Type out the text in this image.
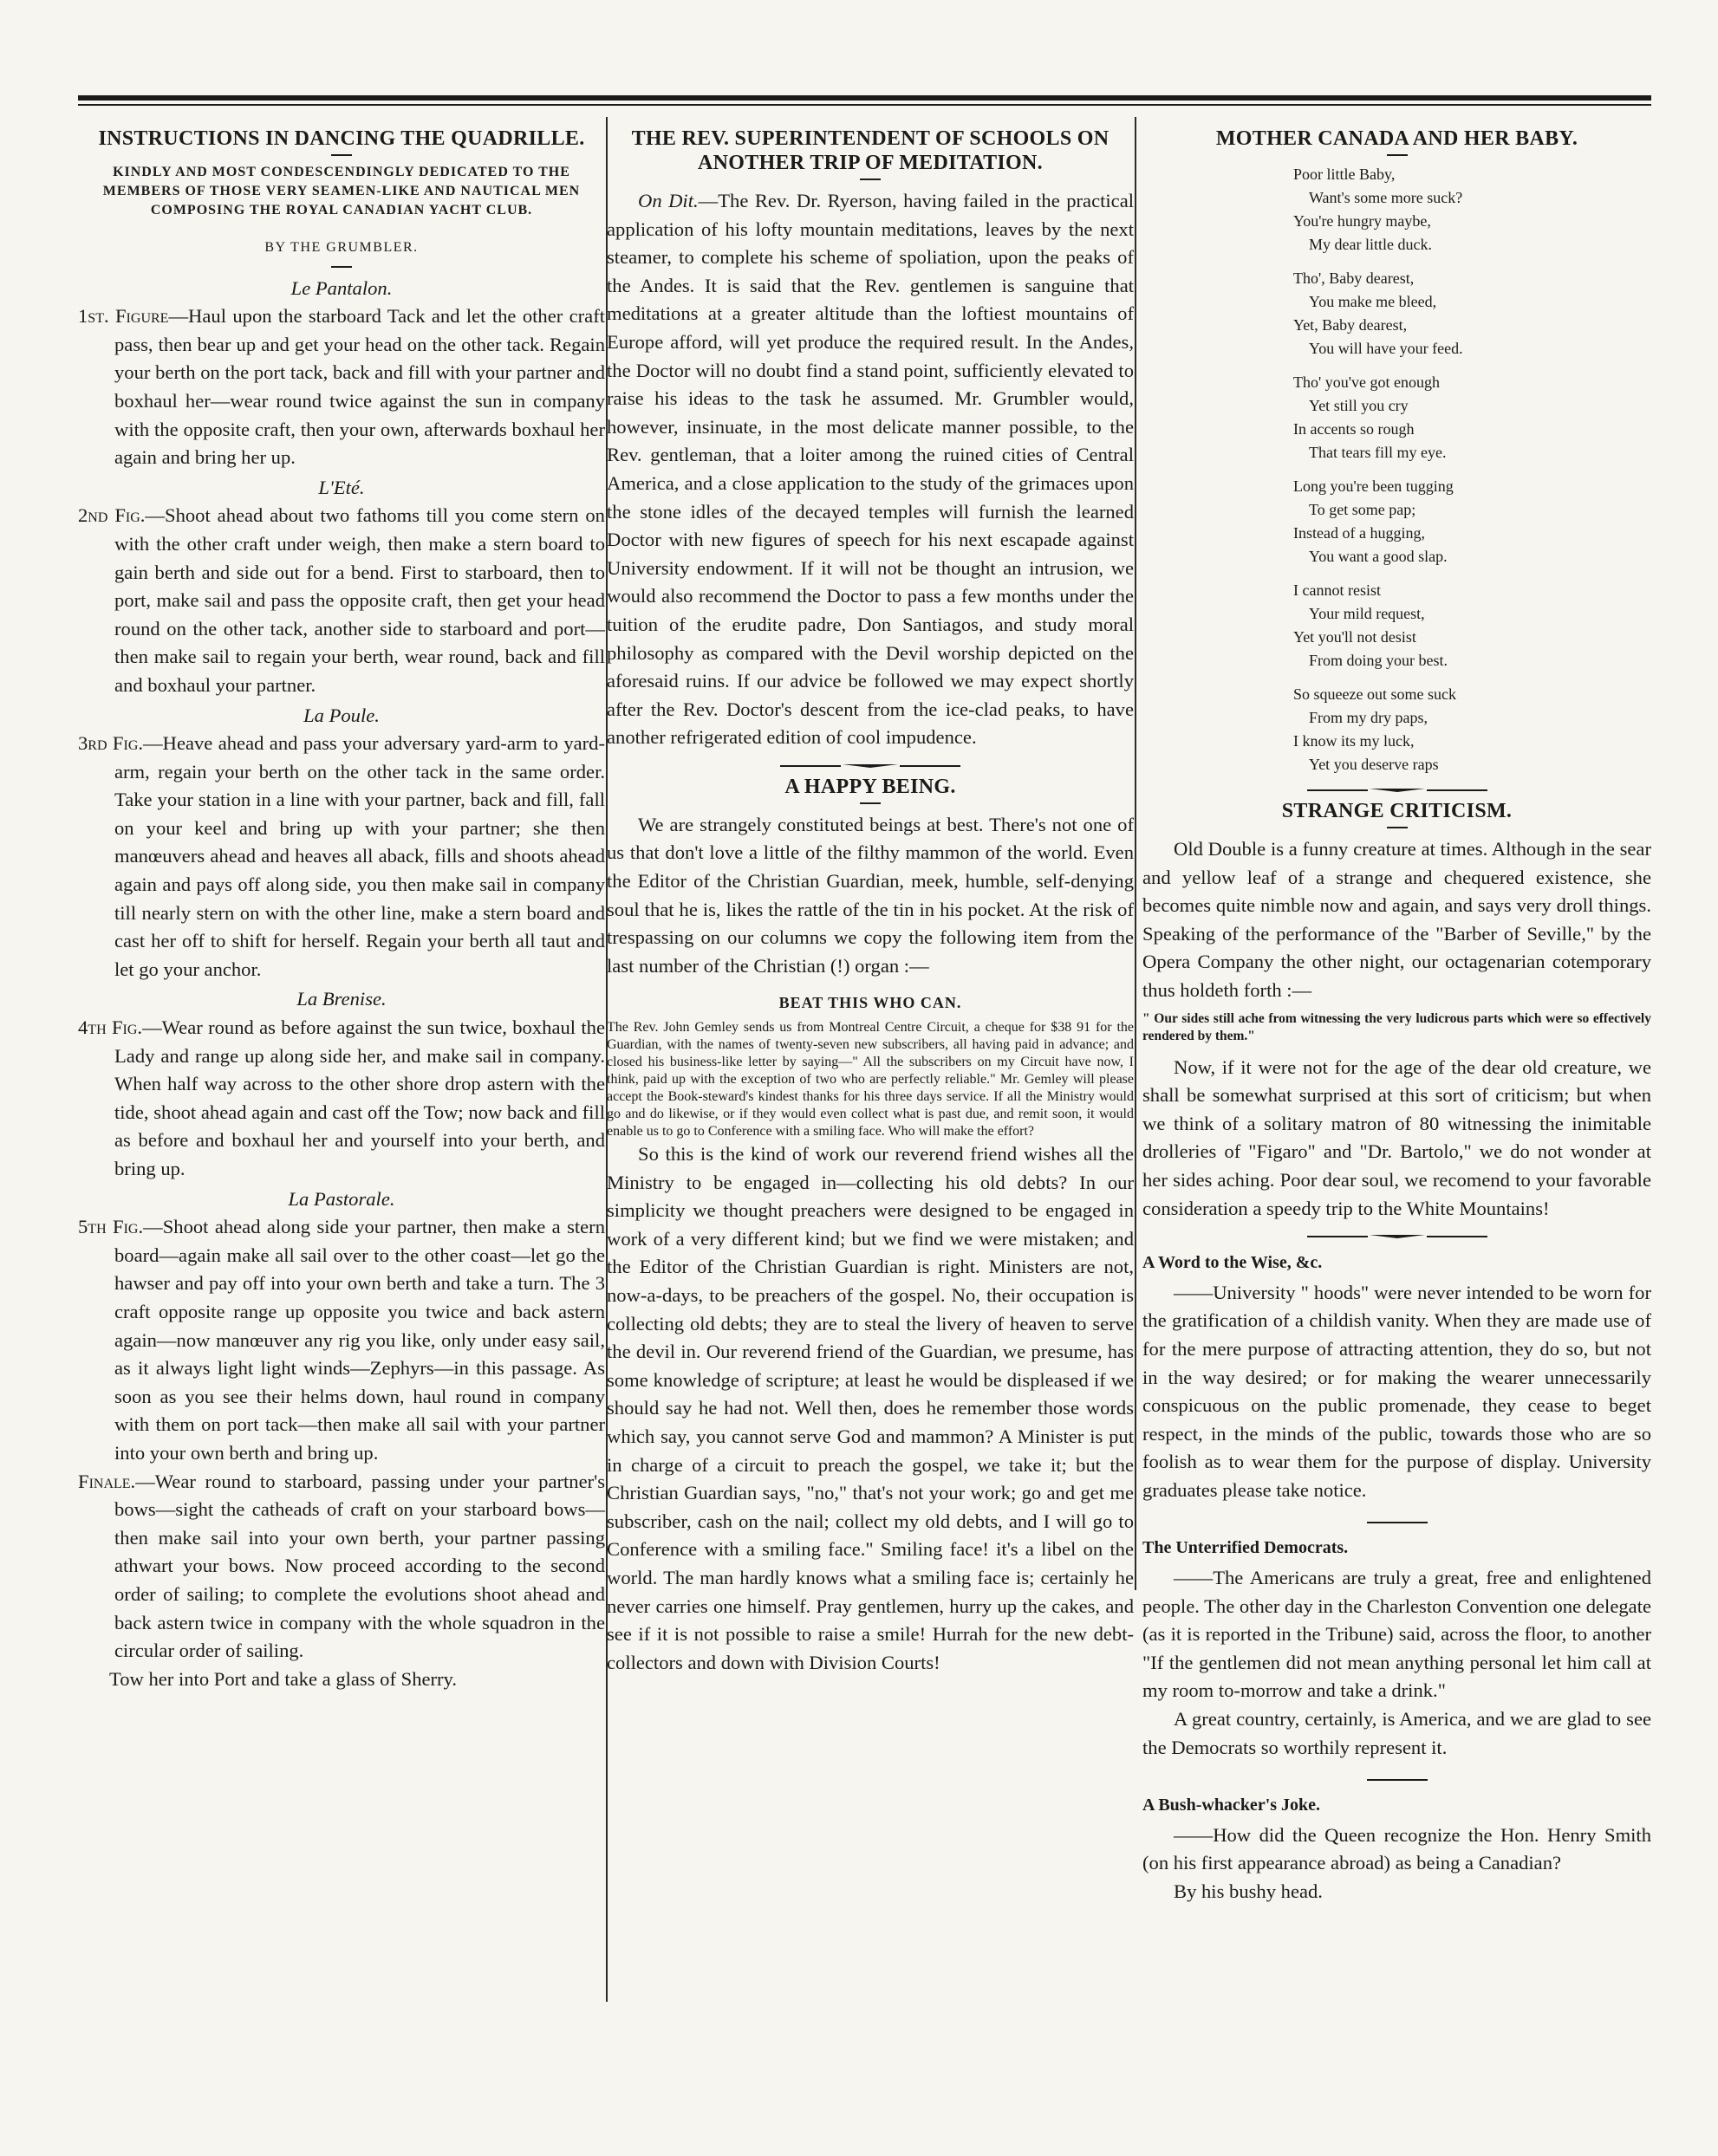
INSTRUCTIONS IN DANCING THE QUADRILLE.
KINDLY AND MOST CONDESCENDINGLY DEDICATED TO THE MEMBERS OF THOSE VERY SEAMEN-LIKE AND NAUTICAL MEN COMPOSING THE ROYAL CANADIAN YACHT CLUB.
BY THE GRUMBLER.
Le Pantalon.

1st. Figure—Haul upon the starboard Tack and let the other craft pass, then bear up and get your head on the other tack. Regain your berth on the port tack, back and fill with your partner and boxhaul her—wear round twice against the sun in company with the opposite craft, then your own, afterwards boxhaul her again and bring her up.

L'Eté.

2nd Fig.—Shoot ahead about two fathoms till you come stern on with the other craft under weigh, then make a stern board to gain berth and side out for a bend. First to starboard, then to port, make sail and pass the opposite craft, then get your head round on the other tack, another side to starboard and port—then make sail to regain your berth, wear round, back and fill and boxhaul your partner.

La Poule.

3rd Fig.—Heave ahead and pass your adversary yard-arm to yard-arm, regain your berth on the other tack in the same order. Take your station in a line with your partner, back and fill, fall on your keel and bring up with your partner; she then manœuvers ahead and heaves all aback, fills and shoots ahead again and pays off along side, you then make sail in company till nearly stern on with the other line, make a stern board and cast her off to shift for herself. Regain your berth all taut and let go your anchor.

La Brenise.

4th Fig.—Wear round as before against the sun twice, boxhaul the Lady and range up along side her, and make sail in company. When half way across to the other shore drop astern with the tide, shoot ahead again and cast off the Tow; now back and fill as before and boxhaul her and yourself into your berth, and bring up.

La Pastorale.

5th Fig.—Shoot ahead along side your partner, then make a stern board—again make all sail over to the other coast—let go the hawser and pay off into your own berth and take a turn. The 3 craft opposite range up opposite you twice and back astern again—now manœuver any rig you like, only under easy sail, as it always light light winds—Zephyrs—in this passage. As soon as you see their helms down, haul round in company with them on port tack—then make all sail with your partner into your own berth and bring up.

Finale.—Wear round to starboard, passing under your partner's bows—sight the catheads of craft on your starboard bows—then make sail into your own berth, your partner passing athwart your bows. Now proceed according to the second order of sailing; to complete the evolutions shoot ahead and back astern twice in company with the whole squadron in the circular order of sailing.

Tow her into Port and take a glass of Sherry.

THE REV. SUPERINTENDENT OF SCHOOLS ON ANOTHER TRIP OF MEDITATION.

On Dit.—The Rev. Dr. Ryerson, having failed in the practical application of his lofty mountain meditations, leaves by the next steamer, to complete his scheme of spoliation, upon the peaks of the Andes. It is said that the Rev. gentlemen is sanguine that meditations at a greater altitude than the loftiest mountains of Europe afford, will yet produce the required result. In the Andes, the Doctor will no doubt find a stand point, sufficiently elevated to raise his ideas to the task he assumed. Mr. Grumbler would, however, insinuate, in the most delicate manner possible, to the Rev. gentleman, that a loiter among the ruined cities of Central America, and a close application to the study of the grimaces upon the stone idles of the decayed temples will furnish the learned Doctor with new figures of speech for his next escapade against University endowment. If it will not be thought an intrusion, we would also recommend the Doctor to pass a few months under the tuition of the erudite padre, Don Santiagos, and study moral philosophy as compared with the Devil worship depicted on the aforesaid ruins. If our advice be followed we may expect shortly after the Rev. Doctor's descent from the ice-clad peaks, to have another refrigerated edition of cool impudence.

A HAPPY BEING.

We are strangely constituted beings at best. There's not one of us that don't love a little of the filthy mammon of the world. Even the Editor of the Christian Guardian, meek, humble, self-denying soul that he is, likes the rattle of the tin in his pocket. At the risk of trespassing on our columns we copy the following item from the last number of the Christian (!) organ :—

BEAT THIS WHO CAN.

The Rev. John Gemley sends us from Montreal Centre Circuit, a cheque for $38 91 for the Guardian, with the names of twenty-seven new subscribers, all having paid in advance; and closed his business-like letter by saying—" All the subscribers on my Circuit have now, I think, paid up with the exception of two who are perfectly reliable." Mr. Gemley will please accept the Book-steward's kindest thanks for his three days service. If all the Ministry would go and do likewise, or if they would even collect what is past due, and remit soon, it would enable us to go to Conference with a smiling face. Who will make the effort?

So this is the kind of work our reverend friend wishes all the Ministry to be engaged in—collecting his old debts? In our simplicity we thought preachers were designed to be engaged in work of a very different kind; but we find we were mistaken; and the Editor of the Christian Guardian is right. Ministers are not, now-a-days, to be preachers of the gospel. No, their occupation is collecting old debts; they are to steal the livery of heaven to serve the devil in. Our reverend friend of the Guardian, we presume, has some knowledge of scripture; at least he would be displeased if we should say he had not. Well then, does he remember those words which say, you cannot serve God and mammon? A Minister is put in charge of a circuit to preach the gospel, we take it; but the Christian Guardian says, "no," that's not your work; go and get me subscriber, cash on the nail; collect my old debts, and I will go to Conference with a smiling face." Smiling face! it's a libel on the world. The man hardly knows what a smiling face is; certainly he never carries one himself. Pray gentlemen, hurry up the cakes, and see if it is not possible to raise a smile! Hurrah for the new debt-collectors and down with Division Courts!

MOTHER CANADA AND HER BABY.
Poor little Baby,
Want's some more suck?
You're hungry maybe,
My dear little duck.
Tho', Baby dearest,
You make me bleed,
Yet, Baby dearest,
You will have your feed.
Tho' you've got enough
Yet still you cry
In accents so rough
That tears fill my eye.
Long you're been tugging
To get some pap;
Instead of a hugging,
You want a good slap.
I cannot resist
Your mild request,
Yet you'll not desist
From doing your best.
So squeeze out some suck
From my dry paps,
I know its my luck,
Yet you deserve raps
STRANGE CRITICISM.

Old Double is a funny creature at times. Although in the sear and yellow leaf of a strange and chequered existence, she becomes quite nimble now and again, and says very droll things. Speaking of the performance of the "Barber of Seville," by the Opera Company the other night, our octagenarian cotemporary thus holdeth forth :—

" Our sides still ache from witnessing the very ludicrous parts which were so effectively rendered by them."

Now, if it were not for the age of the dear old creature, we shall be somewhat surprised at this sort of criticism; but when we think of a solitary matron of 80 witnessing the inimitable drolleries of "Figaro" and "Dr. Bartolo," we do not wonder at her sides aching. Poor dear soul, we recomend to your favorable consideration a speedy trip to the White Mountains!

A Word to the Wise, &c.

——University " hoods" were never intended to be worn for the gratification of a childish vanity. When they are made use of for the mere purpose of attracting attention, they do so, but not in the way desired; or for making the wearer unnecessarily conspicuous on the public promenade, they cease to beget respect, in the minds of the public, towards those who are so foolish as to wear them for the purpose of display. University graduates please take notice.

The Unterrified Democrats.

——The Americans are truly a great, free and enlightened people. The other day in the Charleston Convention one delegate (as it is reported in the Tribune) said, across the floor, to another "If the gentlemen did not mean anything personal let him call at my room to-morrow and take a drink."

A great country, certainly, is America, and we are glad to see the Democrats so worthily represent it.

A Bush-whacker's Joke.

——How did the Queen recognize the Hon. Henry Smith (on his first appearance abroad) as being a Canadian?

By his bushy head.
